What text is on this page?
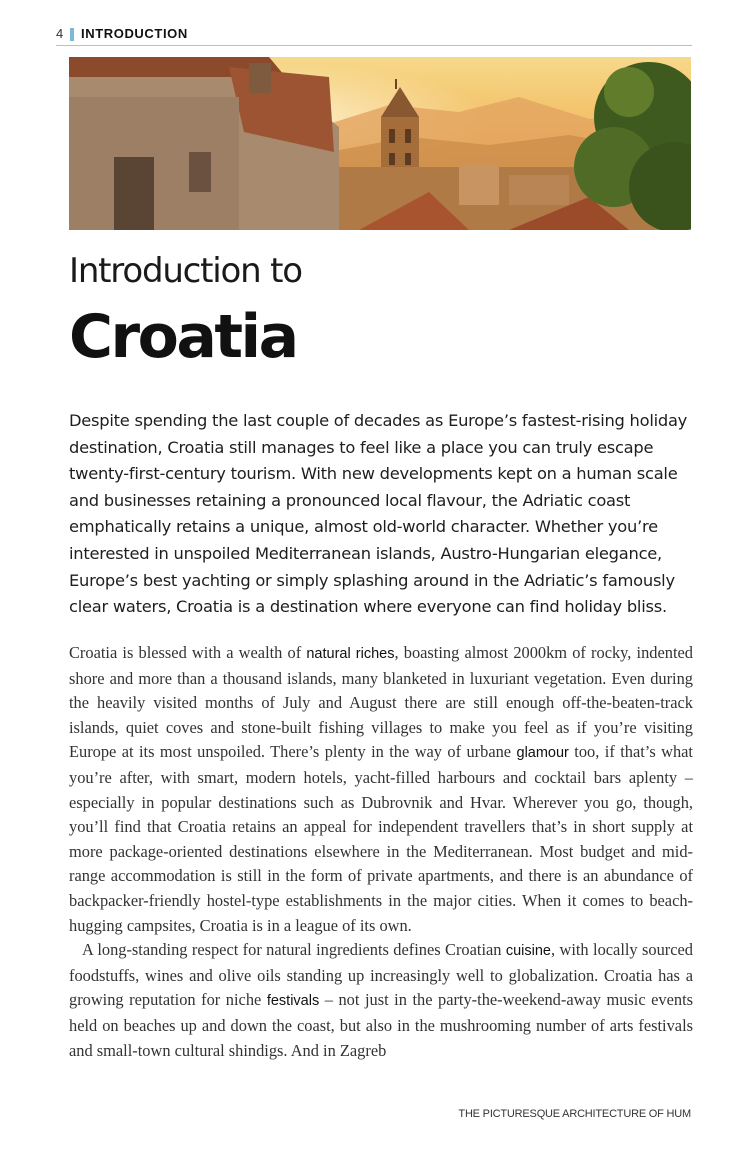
4 INTRODUCTION
Introduction to
Croatia

Despite spending the last couple of decades as Europe’s fastest-rising holiday destination, Croatia still manages to feel like a place you can truly escape twenty-first-century tourism. With new developments kept on a human scale and businesses retaining a pronounced local flavour, the Adriatic coast emphatically retains a unique, almost old-world character. Whether you’re interested in unspoiled Mediterranean islands, Austro-Hungarian elegance, Europe’s best yachting or simply splashing around in the Adriatic’s famously clear waters, Croatia is a destination where everyone can find holiday bliss.

Croatia is blessed with a wealth of natural riches, boasting almost 2000km of rocky, indented shore and more than a thousand islands, many blanketed in luxuriant vegetation. Even during the heavily visited months of July and August there are still enough off-the-beaten-track islands, quiet coves and stone-built fishing villages to make you feel as if you’re visiting Europe at its most unspoiled. There’s plenty in the way of urbane glamour too, if that’s what you’re after, with smart, modern hotels, yacht-filled harbours and cocktail bars aplenty – especially in popular destinations such as Dubrovnik and Hvar. Wherever you go, though, you’ll find that Croatia retains an appeal for independent travellers that’s in short supply at more package-oriented destinations elsewhere in the Mediterranean. Most budget and mid-range accommodation is still in the form of private apartments, and there is an abundance of backpacker-friendly hostel-type establishments in the major cities. When it comes to beach-hugging campsites, Croatia is in a league of its own.

A long-standing respect for natural ingredients defines Croatian cuisine, with locally sourced foodstuffs, wines and olive oils standing up increasingly well to globalization. Croatia has a growing reputation for niche festivals – not just in the party-the-weekend-away music events held on beaches up and down the coast, but also in the mushrooming number of arts festivals and small-town cultural shindigs. And in Zagreb

THE PICTURESQUE ARCHITECTURE OF HUM
